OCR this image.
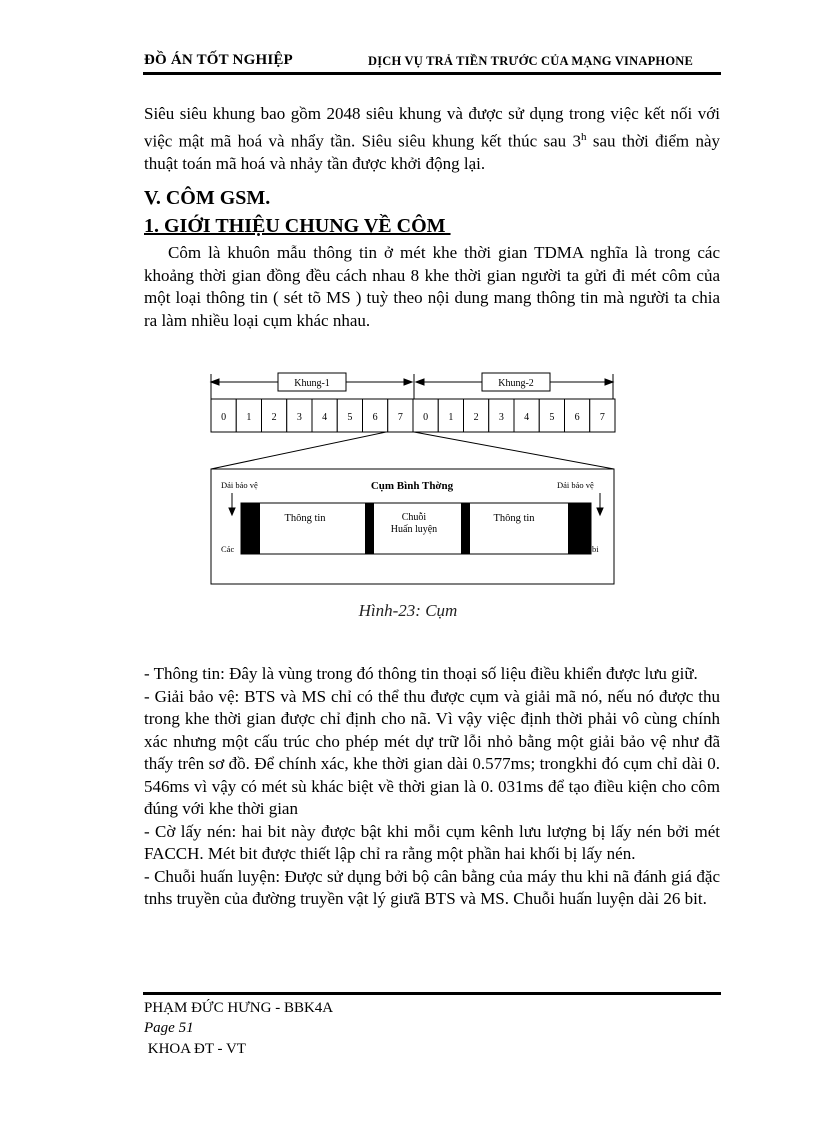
ĐỒ ÁN TỐT NGHIỆP	DỊCH VỤ TRẢ TIỀN TRƯỚC CỦA MẠNG VINAPHONE
Siêu siêu khung bao gồm 2048 siêu khung và được sử dụng trong việc kết nối với việc mật mã hoá và nhẩy tần. Siêu siêu khung kết thúc sau 3$^h$ sau thời điểm này thuật toán mã hoá và nhảy tần được khởi động lại.
V. CÔM GSM.
1. GIỚI THIỆU CHUNG VỀ CÔM
Côm là khuôn mẫu thông tin ở mét khe thời gian TDMA nghĩa là trong các khoảng thời gian đồng đều cách nhau 8 khe thời gian người ta gửi đi mét côm của một loại thông tin ( sét tõ MS ) tuỳ theo nội dung mang thông tin mà người ta chia ra làm nhiều loại cụm khác nhau.
Khung-1	Khung-2
0 1 2 3 4 5 6 7 0 1 2 3 4 5 6 7
Cụm Bình Thờng
Dải bảo vệ	Dải bảo vệ
Thông tin	Chuỗi
Huấn luyện
Thông tin
Các	bi
Hình-23: Cụm
- Thông tin: Đây là vùng trong đó thông tin thoại số liệu điều khiển được lưu giữ.
- Giải bảo vệ: BTS và MS chỉ có thể thu được cụm và giải mã nó, nếu nó được thu trong khe thời gian được chỉ định cho nã. Vì vậy việc định thời phải vô cùng chính xác nhưng một cấu trúc cho phép mét dự trữ lỗi nhỏ bằng một giải bảo vệ như đã thấy trên sơ đồ. Để chính xác, khe thời gian dài 0.577ms; trongkhi đó cụm chỉ dài 0. 546ms vì vậy có mét sù khác biệt về thời gian là 0. 031ms để tạo điều kiện cho côm đúng với khe thời gian
- Cờ lấy nén: hai bit này được bật khi mỗi cụm kênh lưu lượng bị lấy nén bởi mét FACCH. Mét bit được thiết lập chỉ ra rằng một phần hai khối bị lấy nén.
- Chuỗi huấn luyện: Được sử dụng bởi bộ cân bằng của máy thu khi nã đánh giá đặc tnhs truyền của đường truyền vật lý giưã BTS và MS. Chuỗi huấn luyện dài 26 bit.
PHẠM ĐỨC HƯNG - BBK4A
Page 51
KHOA ĐT - VT
